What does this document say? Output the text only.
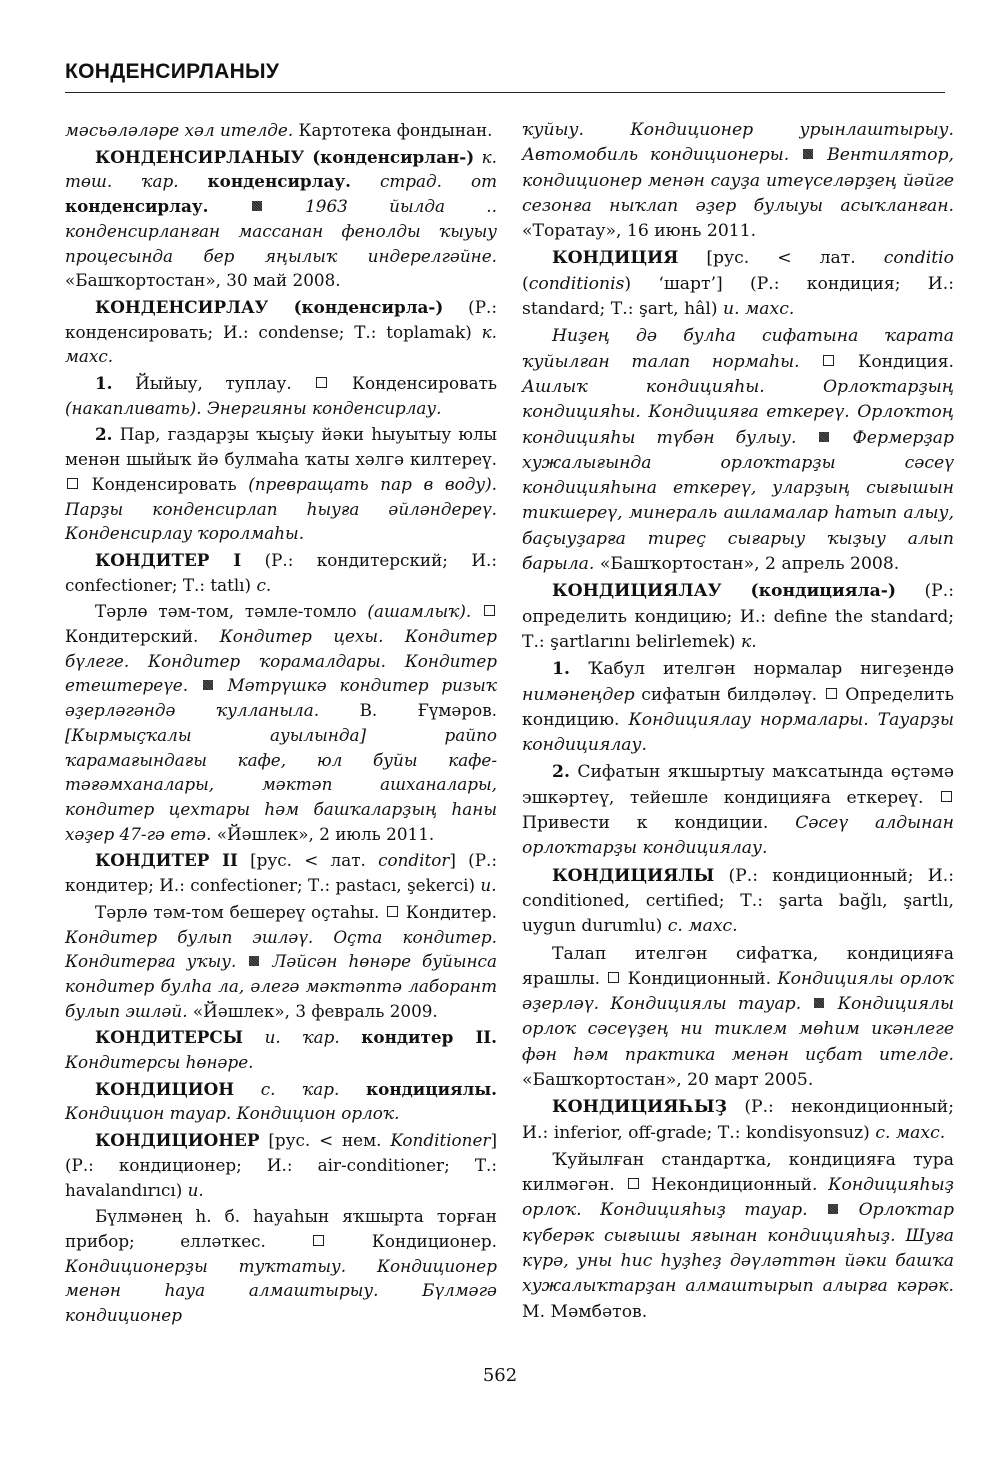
КОНДЕНСИРЛАНЫУ

мәсьәләләре хәл ителде. Картотека фондынан.

КОНДЕНСИРЛАНЫУ (конденсирлан-) к. төш. ҡар. конденсирлау. страд. от конденсирлау.	1963 йылда .. конденсирланған массанан фенолды ҡыуыу процесында бер яңылыҡ индерелгәйне. «Башҡортостан», 30 май 2008.

КОНДЕНСИРЛАУ (конденсирла-) (Р.: конденсировать; И.: condense; Т.: toplamak) к. махс.

1. Йыйыу, туплау.  Конденсировать (накапливать). Энергияны конденсирлау.

2. Пар, газдарҙы ҡыҫыу йәки һыуытыу юлы менән шыйыҡ йә булмаһа ҡаты хәлгә килтереү.  Конденсировать (превращать пар в воду). Парҙы конденсирлап һыуға әйләндереү. Конденсирлау ҡоролмаһы.

КОНДИТЕР I (Р.: кондитерский; И.: confectioner; Т.: tatlı) с.

Тәрлө тәм-том, тәмле-томло (ашамлыҡ).  Кондитерский. Кондитер цехы. Кондитер бүлеге. Кондитер ҡорамалдары. Кондитер етештереүе. Мәтрүшкә кондитер ризыҡ әҙерләгәндә ҡулланыла. В. Ғүмәров. [Кырмыҫҡалы ауылында] райпо ҡарамағындағы кафе, юл буйы кафе-тәғәмханалары, мәктәп ашханалары, кондитер цехтары һәм башҡаларҙың һаны хәҙер 47-гә етә. «Йәшлек», 2 июль 2011.

КОНДИТЕР II [рус. < лат. conditor] (Р.: кондитер; И.: confectioner; Т.: pastacı, şekerci) и.

Тәрлө тәм-том бешереү оҫтаһы.  Кондитер. Кондитер булып эшләү. Оҫта кондитер. Кондитерға уҡыу. Ләйсән һөнәре буйынса кондитер булһа ла, әлегә мәктәптә лаборант булып эшләй. «Йәшлек», 3 февраль 2009.

КОНДИТЕРСЫ и. ҡар. кондитер II. Кондитерсы һөнәре.

КОНДИЦИОН с. ҡар. кондициялы. Кондицион тауар. Кондицион орлоҡ.

КОНДИЦИОНЕР [рус. < нем. Konditioner] (Р.: кондиционер; И.: air-conditioner; Т.: havalandırıcı) и.

Бүлмәнең һ. б. һауаһын яҡшырта торған прибор; елләткес.  Кондиционер. Кондиционерҙы туҡтатыу. Кондиционер менән һауа алмаштырыу. Бүлмәгә кондиционер

ҡуйыу. Кондиционер урынлаштырыу. Автомобиль кондиционеры. Вентилятор, кондиционер менән сауҙа итеүселәрҙең йәйге сезонға ныҡлап әҙер булыуы асыҡланған. «Торатау», 16 июнь 2011.

КОНДИЦИЯ [рус. < лат. conditio (conditionis) ‘шарт’] (Р.: кондиция; И.: standard; Т.: şart, hâl) и. махс.

Ниҙең дә булһа сифатына ҡарата ҡуйылған талап нормаһы.  Кондиция. Ашлыҡ кондицияһы. Орлоҡтарҙың кондицияһы. Кондицияға еткереү. Орлоҡтоң кондицияһы түбән булыу.	Фермерҙар хужалығында орлоҡтарҙы сәсеү кондицияһына еткереү, уларҙың сығышын тикшереү, минераль ашламалар һатып алыу, баҫыуҙарға тиреҫ сығарыу ҡыҙыу алып барыла. «Башҡортостан», 2 апрель 2008.

КОНДИЦИЯЛАУ (кондицияла-) (Р.: определить кондицию; И.: define the standard; Т.: şartlarını belirlemek) к.

1. Ҡабул ителгән нормалар нигеҙендә нимәнеңдер сифатын билдәләү.  Определить кондицию. Кондициялау нормалары. Тауарҙы кондициялау.

2. Сифатын яҡшыртыу маҡсатында өҫтәмә эшкәртеү, тейешле кондицияға еткереү.  Привести к кондиции. Сәсеү алдынан орлоҡтарҙы кондициялау.

КОНДИЦИЯЛЫ (Р.: кондиционный; И.: conditioned, certified; Т.: şarta bağlı, şartlı, uygun durumlu) с. махс.

Талап ителгән сифатҡа, кондицияға ярашлы.  Кондиционный. Кондициялы орлоҡ әҙерләү. Кондициялы тауар. Кондициялы орлоҡ сәсеүҙең ни тиклем мөһим икәнлеге фән һәм практика менән иҫбат ителде. «Башҡортостан», 20 март 2005.

КОНДИЦИЯҺЫҘ (Р.: некондиционный; И.: inferior, off-grade; Т.: kondisyonsuz) с. махс.

Ҡуйылған стандартҡа, кондицияға тура килмәгән.  Некондиционный. Кондицияһыҙ орлоҡ. Кондицияһыҙ тауар.	Орлоҡтар күберәк сығышы яғынан кондицияһыҙ. Шуға күрә, уны һис һуҙһеҙ дәүләттән йәки башҡа хужалыҡтарҙан алмаштырып алырға кәрәк. М. Мәмбәтов.

562
